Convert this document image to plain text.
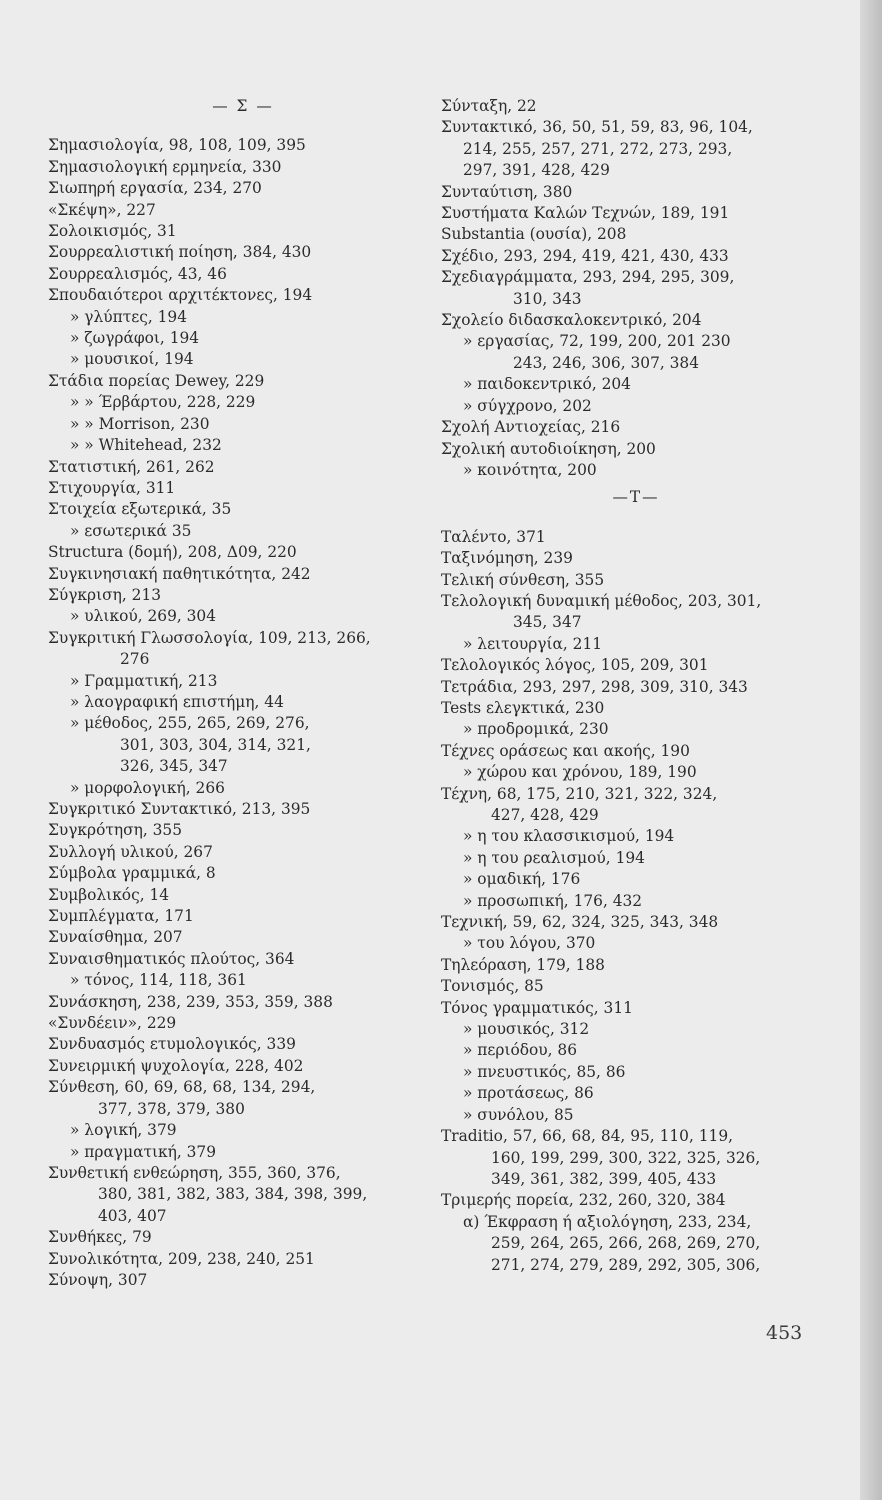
— Σ —
Σημασιολογία, 98, 108, 109, 395
Σημασιολογική ερμηνεία, 330
Σιωπηρή εργασία, 234, 270
«Σκέψη», 227
Σολοικισμός, 31
Σουρρεαλιστική ποίηση, 384, 430
Σουρρεαλισμός, 43, 46
Σπουδαιότεροι αρχιτέκτονες, 194
» γλύπτες, 194
» ζωγράφοι, 194
» μουσικοί, 194
Στάδια πορείας Dewey, 229
» » Έρβάρτου, 228, 229
» » Morrison, 230
» » Whitehead, 232
Στατιστική, 261, 262
Στιχουργία, 311
Στοιχεία εξωτερικά, 35
» εσωτερικά 35
Structura (δομή), 208, Δ09, 220
Συγκινησιακή παθητικότητα, 242
Σύγκριση, 213
» υλικού, 269, 304
Συγκριτική Γλωσσολογία, 109, 213, 266,
276
» Γραμματική, 213
» λαογραφική επιστήμη, 44
» μέθοδος, 255, 265, 269, 276,
301, 303, 304, 314, 321,
326, 345, 347
» μορφολογική, 266
Συγκριτικό Συντακτικό, 213, 395
Συγκρότηση, 355
Συλλογή υλικού, 267
Σύμβολα γραμμικά, 8
Συμβολικός, 14
Συμπλέγματα, 171
Συναίσθημα, 207
Συναισθηματικός πλούτος, 364
» τόνος, 114, 118, 361
Συνάσκηση, 238, 239, 353, 359, 388
«Συνδέειν», 229
Συνδυασμός ετυμολογικός, 339
Συνειρμική ψυχολογία, 228, 402
Σύνθεση, 60, 69, 68, 68, 134, 294,
377, 378, 379, 380
» λογική, 379
» πραγματική, 379
Συνθετική ενθεώρηση, 355, 360, 376,
380, 381, 382, 383, 384, 398, 399,
403, 407
Συνθήκες, 79
Συνολικότητα, 209, 238, 240, 251
Σύνοψη, 307
Σύνταξη, 22
Συντακτικό, 36, 50, 51, 59, 83, 96, 104,
214, 255, 257, 271, 272, 273, 293,
297, 391, 428, 429
Συνταύτιση, 380
Συστήματα Καλών Τεχνών, 189, 191
Substantia (ουσία), 208
Σχέδιο, 293, 294, 419, 421, 430, 433
Σχεδιαγράμματα, 293, 294, 295, 309,
310, 343
Σχολείο διδασκαλοκεντρικό, 204
» εργασίας, 72, 199, 200, 201 230
243, 246, 306, 307, 384
» παιδοκεντρικό, 204
» σύγχρονο, 202
Σχολή Αντιοχείας, 216
Σχολική αυτοδιοίκηση, 200
» κοινότητα, 200
—T—
Ταλέντο, 371
Ταξινόμηση, 239
Τελική σύνθεση, 355
Τελολογική δυναμική μέθοδος, 203, 301,
345, 347
» λειτουργία, 211
Τελολογικός λόγος, 105, 209, 301
Τετράδια, 293, 297, 298, 309, 310, 343
Tests ελεγκτικά, 230
» προδρομικά, 230
Τέχνες οράσεως και ακοής, 190
» χώρου και χρόνου, 189, 190
Τέχνη, 68, 175, 210, 321, 322, 324,
427, 428, 429
» η του κλασσικισμού, 194
» η του ρεαλισμού, 194
» ομαδική, 176
» προσωπική, 176, 432
Τεχνική, 59, 62, 324, 325, 343, 348
» του λόγου, 370
Τηλεόραση, 179, 188
Τονισμός, 85
Τόνος γραμματικός, 311
» μουσικός, 312
» περιόδου, 86
» πνευστικός, 85, 86
» προτάσεως, 86
» συνόλου, 85
Traditio, 57, 66, 68, 84, 95, 110, 119,
160, 199, 299, 300, 322, 325, 326,
349, 361, 382, 399, 405, 433
Τριμερής πορεία, 232, 260, 320, 384
α) Έκφραση ή αξιολόγηση, 233, 234,
259, 264, 265, 266, 268, 269, 270,
271, 274, 279, 289, 292, 305, 306,
453
